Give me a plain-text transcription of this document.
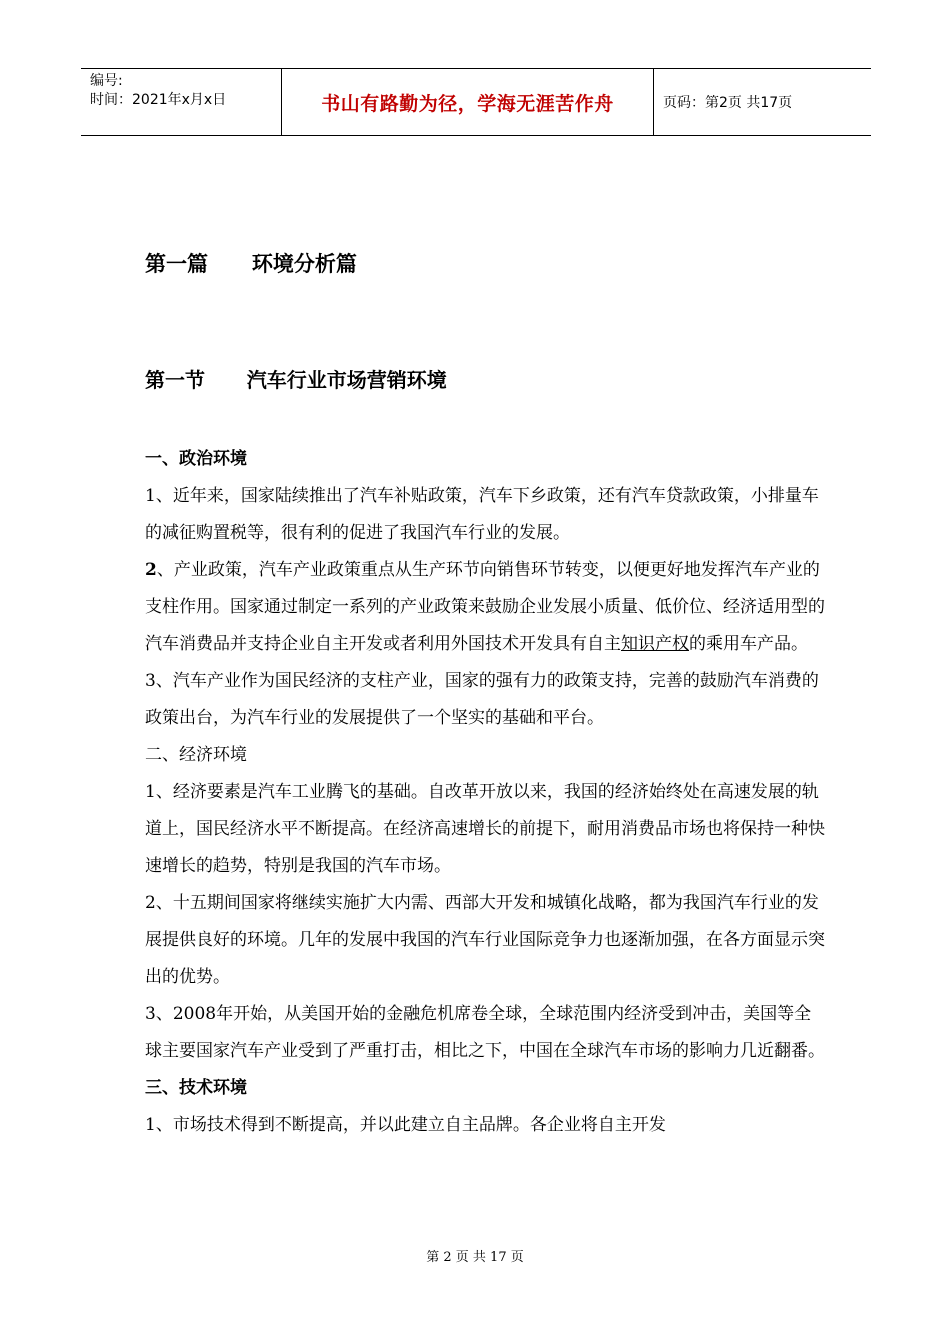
编号:
时间：2021年x月x日	书山有路勤为径，学海无涯苦作舟	页码：第2页 共17页
第一篇      环境分析篇
第一节      汽车行业市场营销环境

一、政治环境

1、近年来，国家陆续推出了汽车补贴政策，汽车下乡政策，还有汽车贷款政策，小排量车的减征购置税等，很有利的促进了我国汽车行业的发展。

2、产业政策，汽车产业政策重点从生产环节向销售环节转变，以便更好地发挥汽车产业的支柱作用。国家通过制定一系列的产业政策来鼓励企业发展小质量、低价位、经济适用型的汽车消费品并支持企业自主开发或者利用外国技术开发具有自主知识产权的乘用车产品。

3、汽车产业作为国民经济的支柱产业，国家的强有力的政策支持，完善的鼓励汽车消费的政策出台，为汽车行业的发展提供了一个坚实的基础和平台。

二、经济环境

1、经济要素是汽车工业腾飞的基础。自改革开放以来，我国的经济始终处在高速发展的轨道上，国民经济水平不断提高。在经济高速增长的前提下，耐用消费品市场也将保持一种快速增长的趋势，特别是我国的汽车市场。

2、十五期间国家将继续实施扩大内需、西部大开发和城镇化战略，都为我国汽车行业的发展提供良好的环境。几年的发展中我国的汽车行业国际竞争力也逐渐加强，在各方面显示突出的优势。

3、2008年开始，从美国开始的金融危机席卷全球，全球范围内经济受到冲击，美国等全球主要国家汽车产业受到了严重打击，相比之下，中国在全球汽车市场的影响力几近翻番。

三、技术环境

1、市场技术得到不断提高，并以此建立自主品牌。各企业将自主开发

第 2 页 共 17 页
